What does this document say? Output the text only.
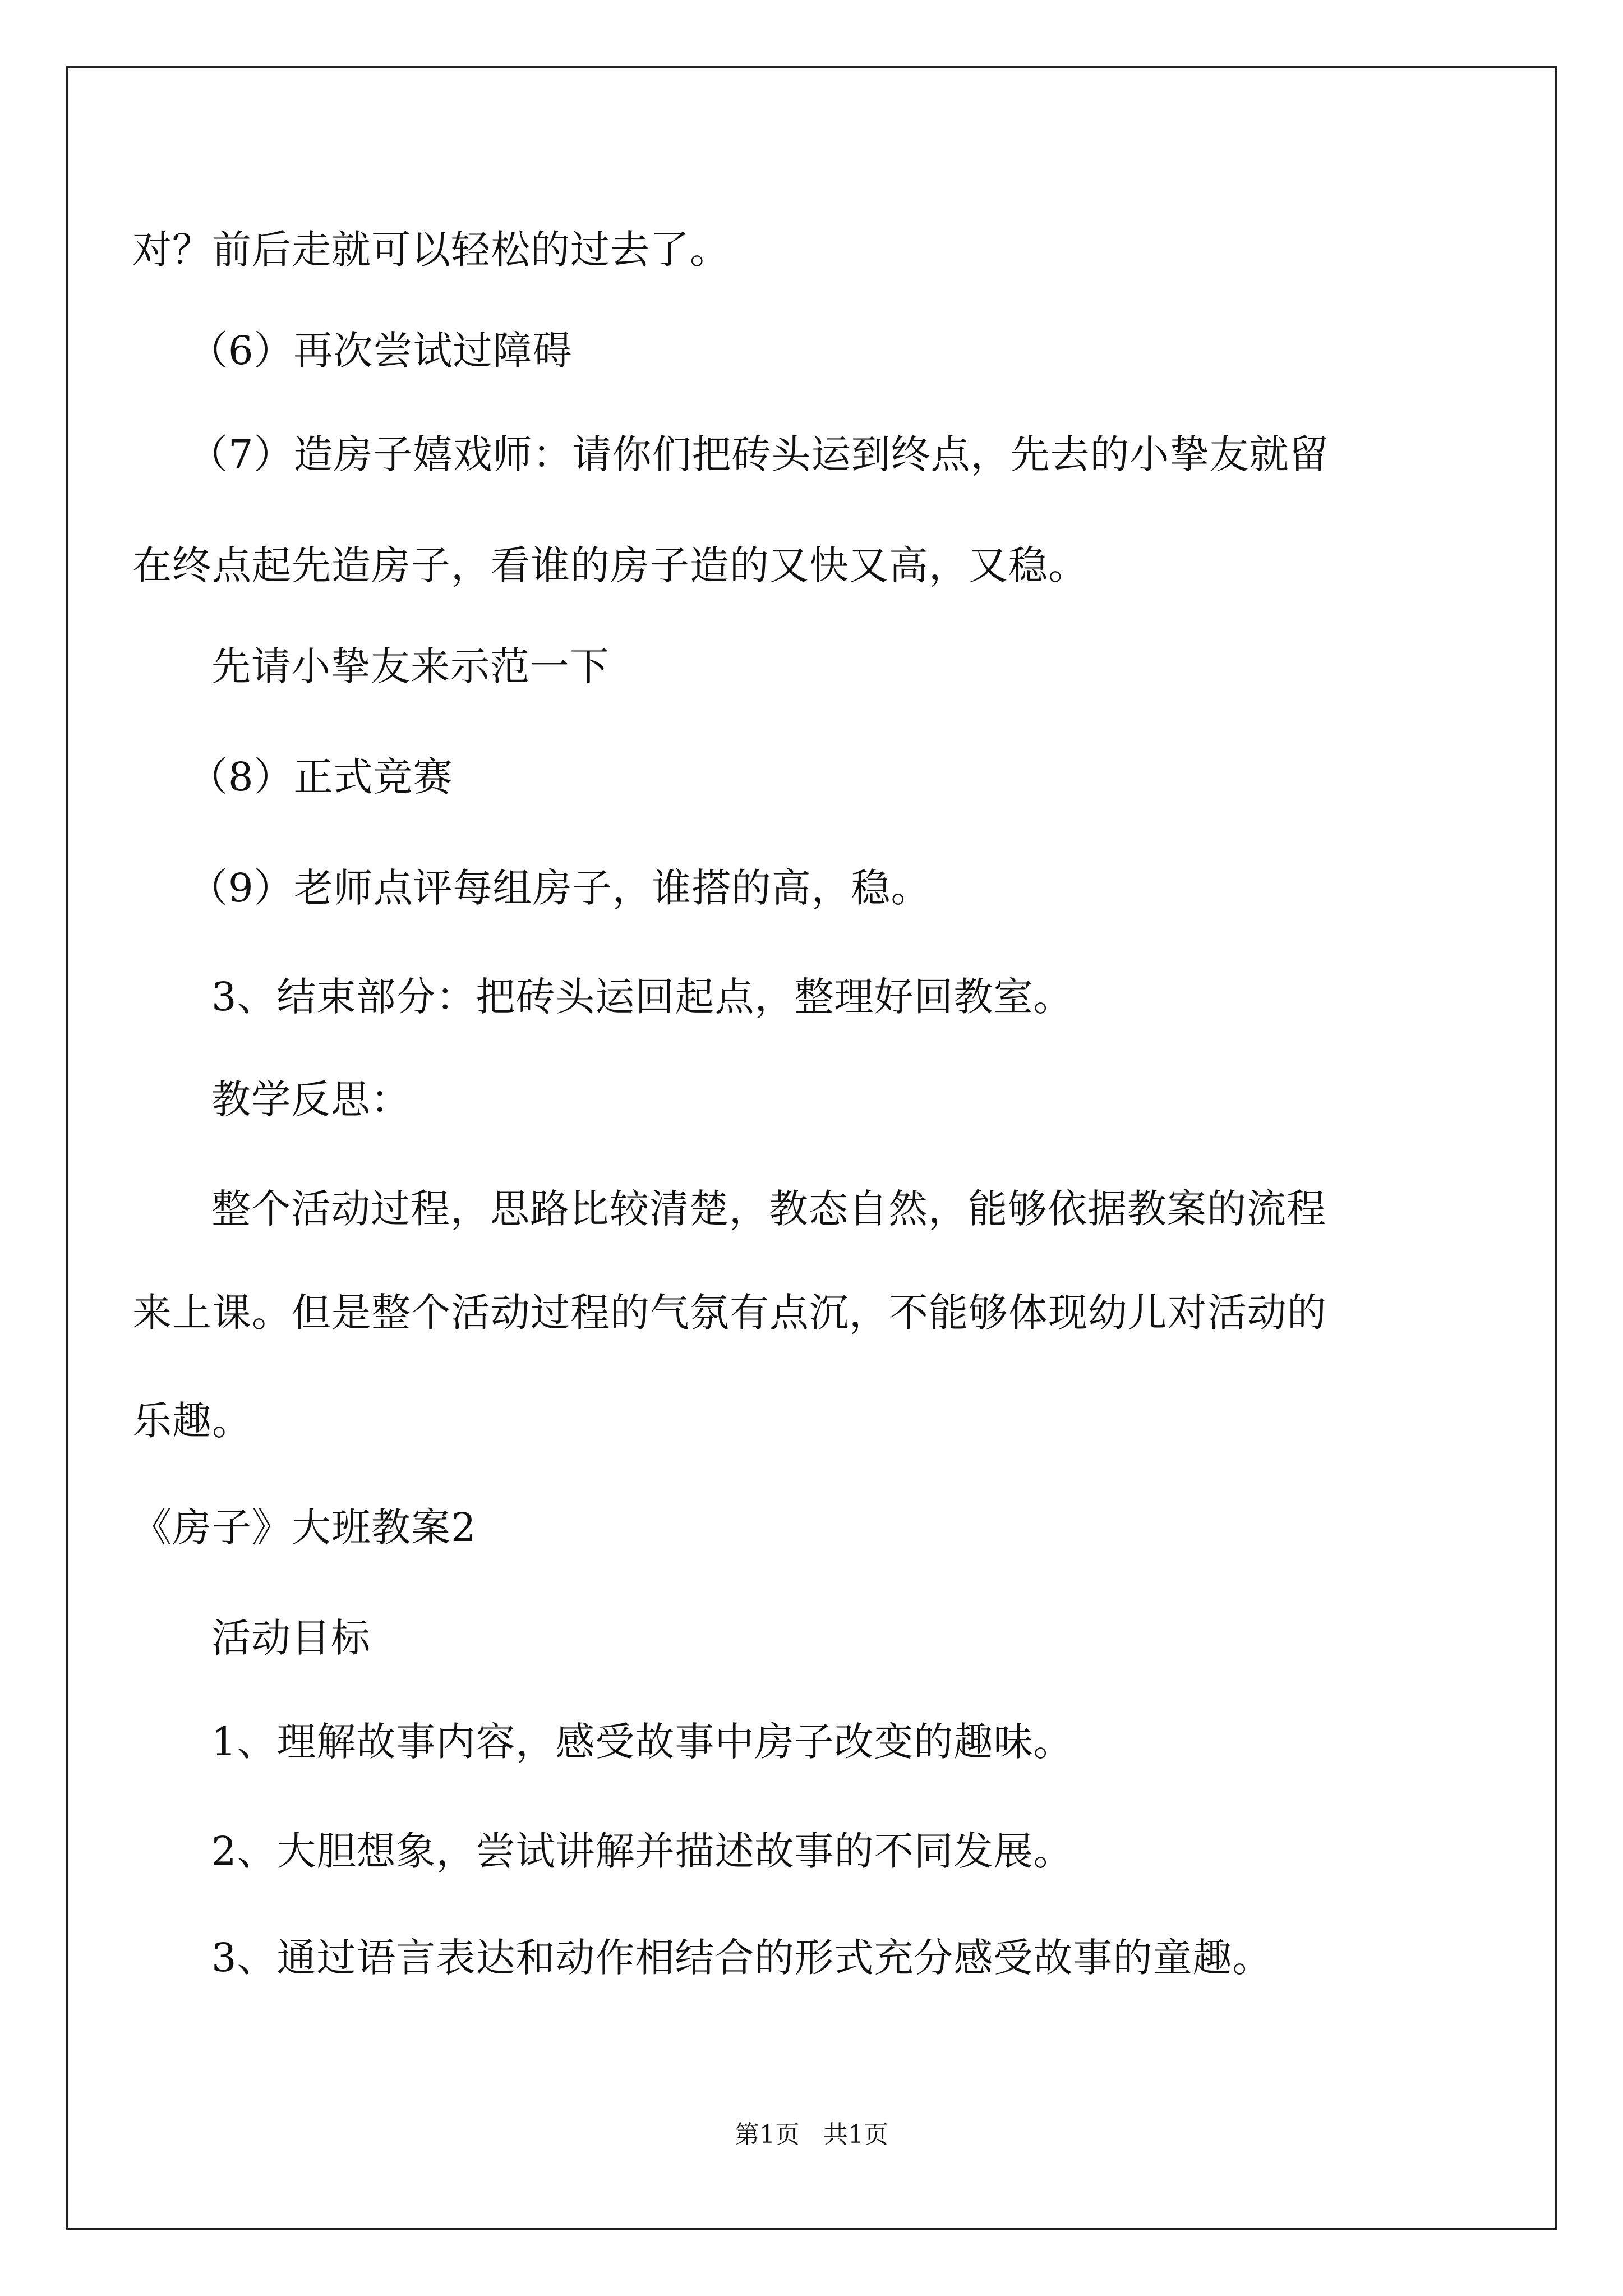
对？前后走就可以轻松的过去了。
（6）再次尝试过障碍
（7）造房子嬉戏师：请你们把砖头运到终点，先去的小挚友就留
在终点起先造房子，看谁的房子造的又快又高，又稳。
先请小挚友来示范一下
（8）正式竞赛
（9）老师点评每组房子，谁搭的高，稳。
3、结束部分：把砖头运回起点，整理好回教室。
教学反思：
整个活动过程，思路比较清楚，教态自然，能够依据教案的流程
来上课。但是整个活动过程的气氛有点沉，不能够体现幼儿对活动的
乐趣。
《房子》大班教案2
活动目标
1、理解故事内容，感受故事中房子改变的趣味。
2、大胆想象，尝试讲解并描述故事的不同发展。
3、通过语言表达和动作相结合的形式充分感受故事的童趣。
第1页   共1页
